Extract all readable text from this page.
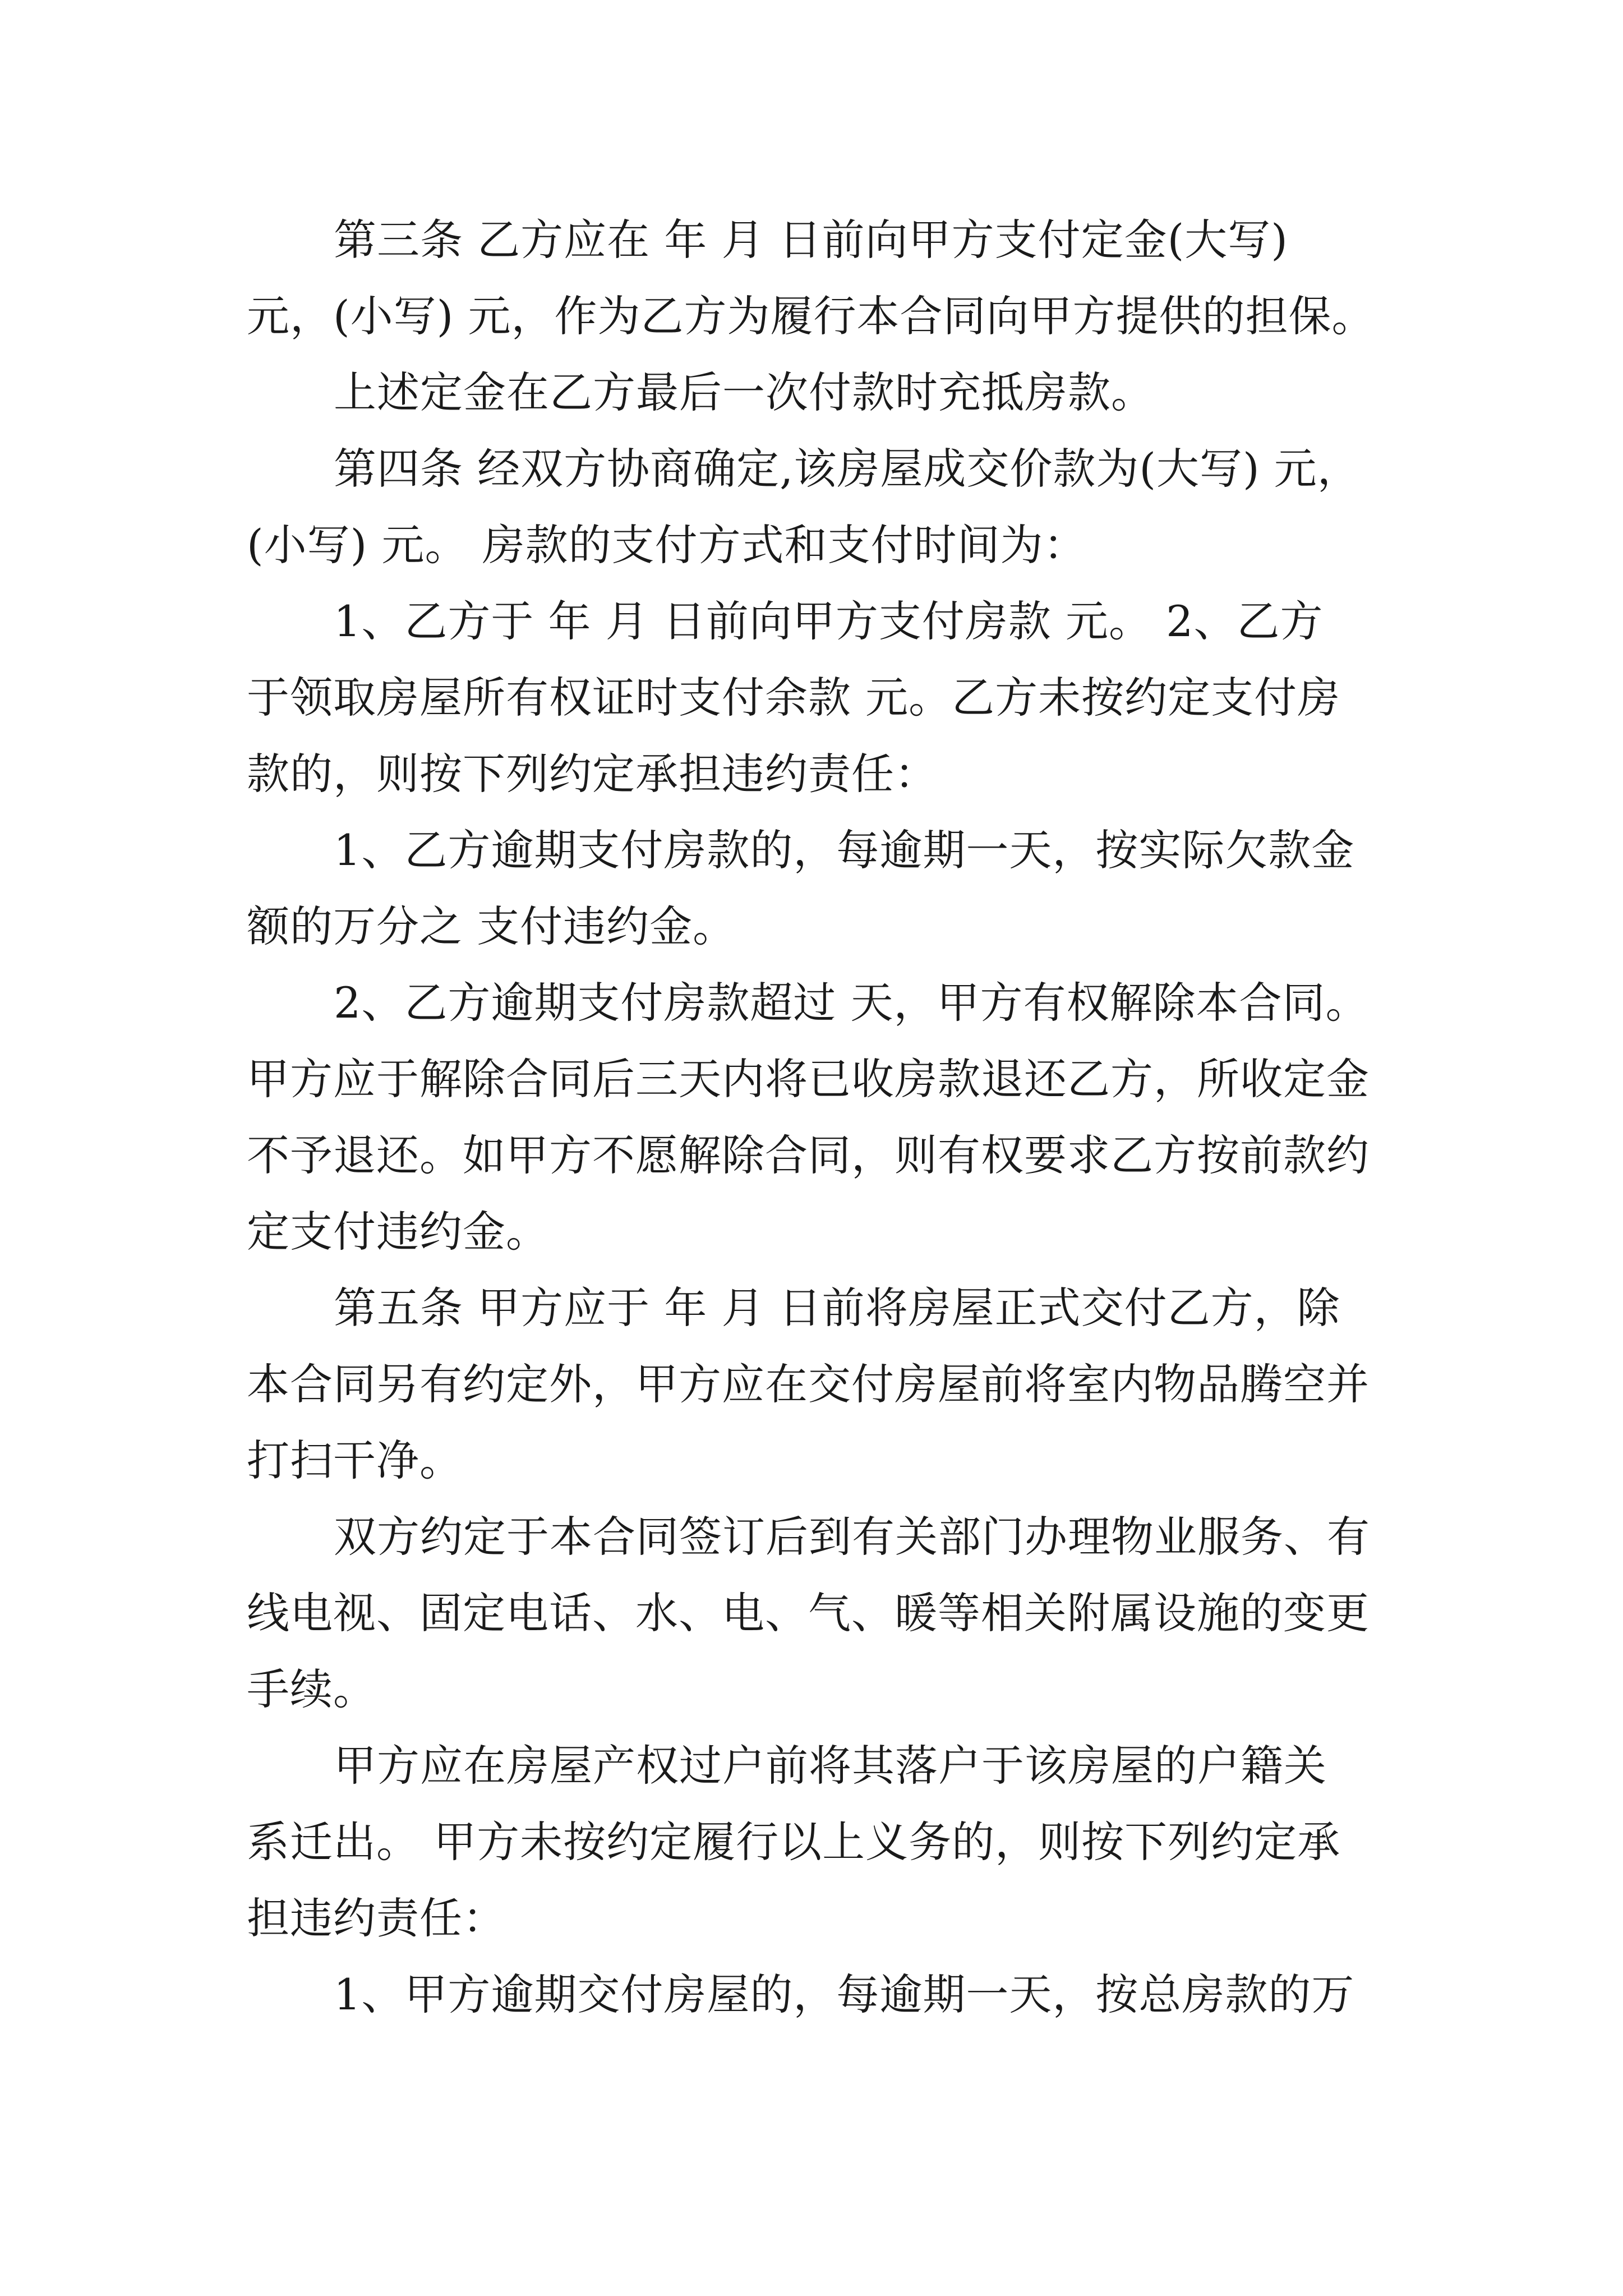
第三条 乙方应在 年 月 日前向甲方支付定金(大写)

元，(小写) 元，作为乙方为履行本合同向甲方提供的担保。

上述定金在乙方最后一次付款时充抵房款。

第四条 经双方协商确定,该房屋成交价款为(大写) 元，

(小写) 元。 房款的支付方式和支付时间为：

1、乙方于 年 月 日前向甲方支付房款 元。 2、乙方

于领取房屋所有权证时支付余款 元。乙方未按约定支付房

款的，则按下列约定承担违约责任：

1、乙方逾期支付房款的，每逾期一天，按实际欠款金

额的万分之 支付违约金。

2、乙方逾期支付房款超过 天，甲方有权解除本合同。

甲方应于解除合同后三天内将已收房款退还乙方，所收定金

不予退还。如甲方不愿解除合同，则有权要求乙方按前款约

定支付违约金。

第五条 甲方应于 年 月 日前将房屋正式交付乙方，除

本合同另有约定外，甲方应在交付房屋前将室内物品腾空并

打扫干净。

双方约定于本合同签订后到有关部门办理物业服务、有

线电视、固定电话、水、电、气、暖等相关附属设施的变更

手续。

甲方应在房屋产权过户前将其落户于该房屋的户籍关

系迁出。 甲方未按约定履行以上义务的，则按下列约定承

担违约责任：

1、甲方逾期交付房屋的，每逾期一天，按总房款的万
